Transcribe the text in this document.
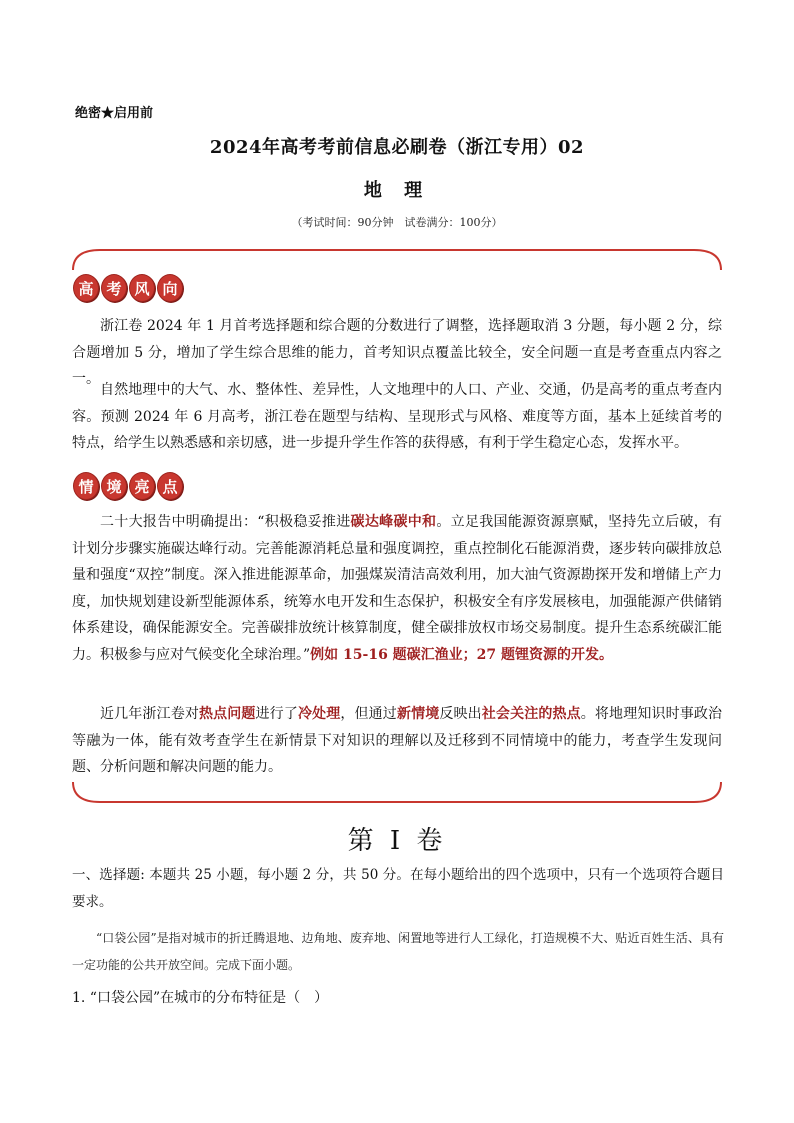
绝密★启用前
2024年高考考前信息必刷卷（浙江专用）02
地 理
（考试时间：90分钟　试卷满分：100分）
高 考 风 向
浙江卷 2024 年 1 月首考选择题和综合题的分数进行了调整，选择题取消 3 分题，每小题 2 分，综合题增加 5 分，增加了学生综合思维的能力，首考知识点覆盖比较全，安全问题一直是考查重点内容之一。
自然地理中的大气、水、整体性、差异性，人文地理中的人口、产业、交通，仍是高考的重点考查内容。预测 2024 年 6 月高考，浙江卷在题型与结构、呈现形式与风格、难度等方面，基本上延续首考的特点，给学生以熟悉感和亲切感，进一步提升学生作答的获得感，有利于学生稳定心态，发挥水平。
情 境 亮 点
二十大报告中明确提出：“积极稳妥推进碳达峰碳中和。立足我国能源资源禀赋，坚持先立后破，有计划分步骤实施碳达峰行动。完善能源消耗总量和强度调控，重点控制化石能源消费，逐步转向碳排放总量和强度“双控”制度。深入推进能源革命，加强煤炭清洁高效利用，加大油气资源勘探开发和增储上产力度，加快规划建设新型能源体系，统筹水电开发和生态保护，积极安全有序发展核电，加强能源产供储销体系建设，确保能源安全。完善碳排放统计核算制度，健全碳排放权市场交易制度。提升生态系统碳汇能力。积极参与应对气候变化全球治理。”例如 15-16 题碳汇渔业；27 题锂资源的开发。
近几年浙江卷对热点问题进行了冷处理，但通过新情境反映出社会关注的热点。将地理知识时事政治等融为一体，能有效考查学生在新情景下对知识的理解以及迁移到不同情境中的能力，考查学生发现问题、分析问题和解决问题的能力。
第 I 卷
一、选择题: 本题共 25 小题，每小题 2 分，共 50 分。在每小题给出的四个选项中，只有一个选项符合题目要求。
“口袋公园”是指对城市的折迁腾退地、边角地、废弃地、闲置地等进行人工绿化，打造规模不大、贴近百姓生活、具有一定功能的公共开放空间。完成下面小题。
1. “口袋公园”在城市的分布特征是（　）
